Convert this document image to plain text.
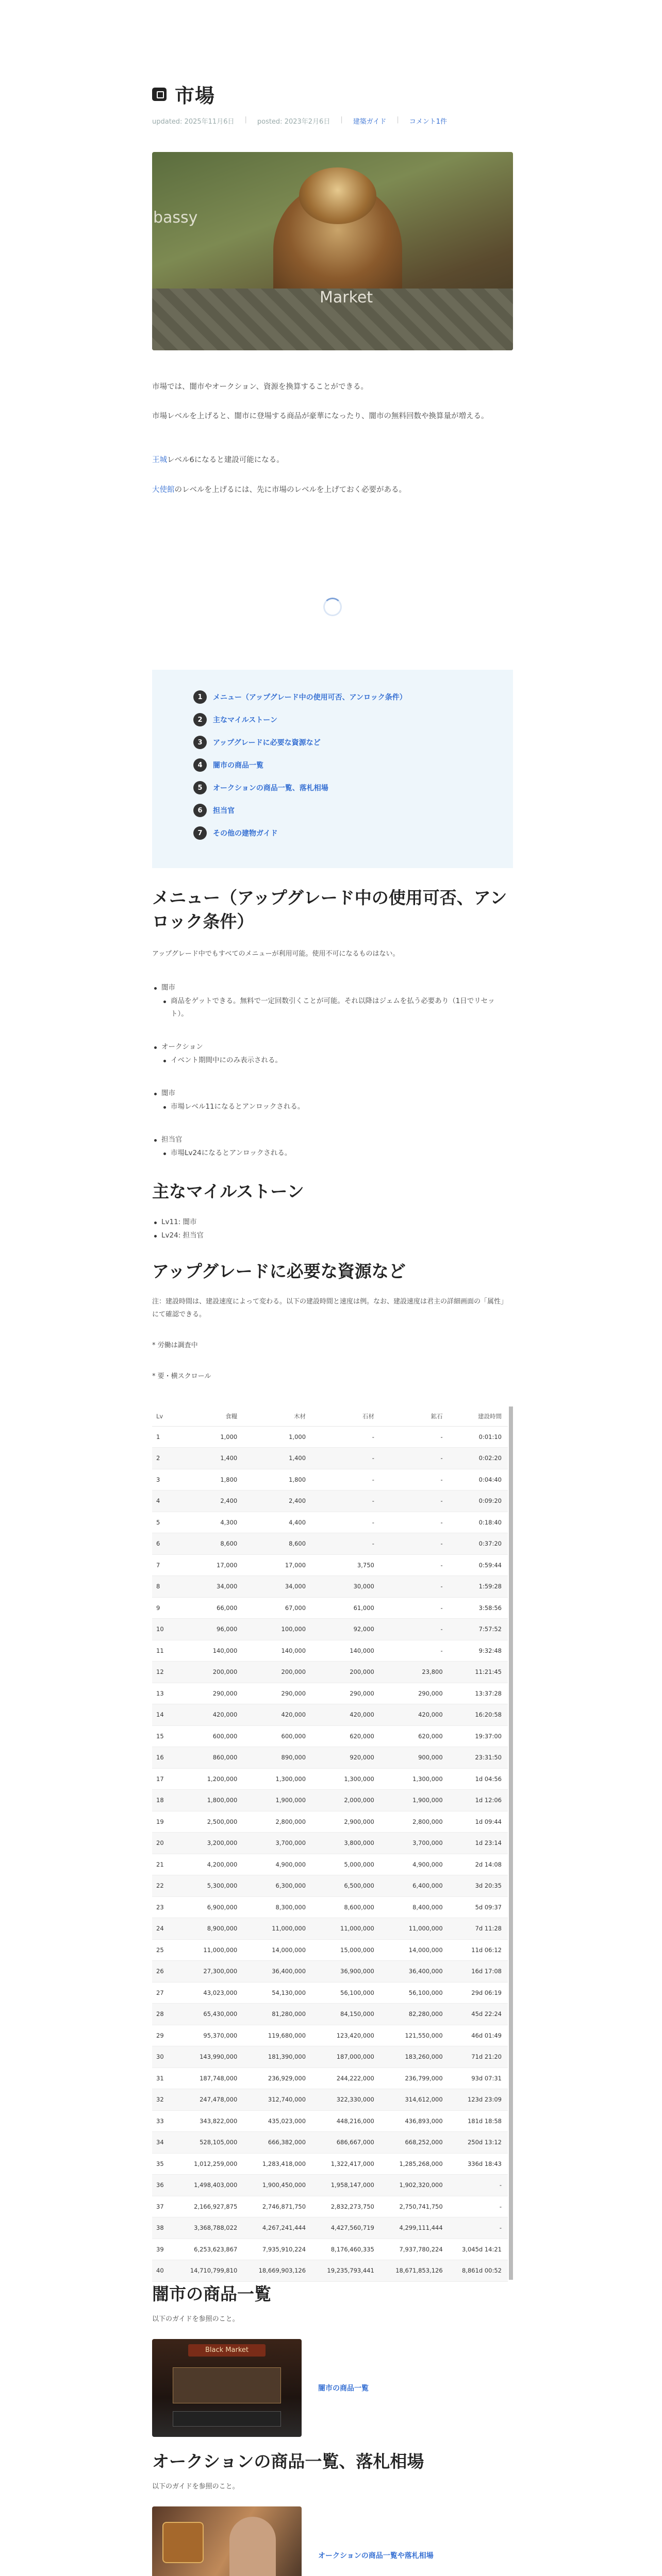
市場
updated: 2025年11月6日 | posted: 2023年2月6日 | 建築ガイド | コメント1件
bassy
Market

市場では、闇市やオークション、資源を換算することができる。

市場レベルを上げると、闇市に登場する商品が豪華になったり、闇市の無料回数や換算量が増える。

王城レベル6になると建設可能になる。

大使館のレベルを上げるには、先に市場のレベルを上げておく必要がある。

1	メニュー（アップグレード中の使用可否、アンロック条件）
2	主なマイルストーン
3	アップグレードに必要な資源など
4	闇市の商品一覧
5	オークションの商品一覧、落札相場
6	担当官
7	その他の建物ガイド
メニュー（アップグレード中の使用可否、アンロック条件）

アップグレード中でもすべてのメニューが利用可能。使用不可になるものはない。

闇市
商品をゲットできる。無料で一定回数引くことが可能。それ以降はジェムを払う必要あり（1日でリセット）。
オークション
イベント期間中にのみ表示される。
闇市
市場レベル11になるとアンロックされる。
担当官
市場Lv24になるとアンロックされる。
主なマイルストーン
Lv11: 闇市
Lv24: 担当官
アップグレードに必要な資源など

注：建設時間は、建設速度によって変わる。以下の建設時間と速度は例。なお、建設速度は君主の詳細画面の「属性」にて確認できる。

* 労働は調査中

* 要・横スクロール

Lv	食糧	木材	石材	鉱石	建設時間
1	1,000	1,000	-	-	0:01:10
2	1,400	1,400	-	-	0:02:20
3	1,800	1,800	-	-	0:04:40
4	2,400	2,400	-	-	0:09:20
5	4,300	4,400	-	-	0:18:40
6	8,600	8,600	-	-	0:37:20
7	17,000	17,000	3,750	-	0:59:44
8	34,000	34,000	30,000	-	1:59:28
9	66,000	67,000	61,000	-	3:58:56
10	96,000	100,000	92,000	-	7:57:52
11	140,000	140,000	140,000	-	9:32:48
12	200,000	200,000	200,000	23,800	11:21:45
13	290,000	290,000	290,000	290,000	13:37:28
14	420,000	420,000	420,000	420,000	16:20:58
15	600,000	600,000	620,000	620,000	19:37:00
16	860,000	890,000	920,000	900,000	23:31:50
17	1,200,000	1,300,000	1,300,000	1,300,000	1d 04:56
18	1,800,000	1,900,000	2,000,000	1,900,000	1d 12:06
19	2,500,000	2,800,000	2,900,000	2,800,000	1d 09:44
20	3,200,000	3,700,000	3,800,000	3,700,000	1d 23:14
21	4,200,000	4,900,000	5,000,000	4,900,000	2d 14:08
22	5,300,000	6,300,000	6,500,000	6,400,000	3d 20:35
23	6,900,000	8,300,000	8,600,000	8,400,000	5d 09:37
24	8,900,000	11,000,000	11,000,000	11,000,000	7d 11:28
25	11,000,000	14,000,000	15,000,000	14,000,000	11d 06:12
26	27,300,000	36,400,000	36,900,000	36,400,000	16d 17:08
27	43,023,000	54,130,000	56,100,000	56,100,000	29d 06:19
28	65,430,000	81,280,000	84,150,000	82,280,000	45d 22:24
29	95,370,000	119,680,000	123,420,000	121,550,000	46d 01:49
30	143,990,000	181,390,000	187,000,000	183,260,000	71d 21:20
31	187,748,000	236,929,000	244,222,000	236,799,000	93d 07:31
32	247,478,000	312,740,000	322,330,000	314,612,000	123d 23:09
33	343,822,000	435,023,000	448,216,000	436,893,000	181d 18:58
34	528,105,000	666,382,000	686,667,000	668,252,000	250d 13:12
35	1,012,259,000	1,283,418,000	1,322,417,000	1,285,268,000	336d 18:43
36	1,498,403,000	1,900,450,000	1,958,147,000	1,902,320,000	-
37	2,166,927,875	2,746,871,750	2,832,273,750	2,750,741,750	-
38	3,368,788,022	4,267,241,444	4,427,560,719	4,299,111,444	-
39	6,253,623,867	7,935,910,224	8,176,460,335	7,937,780,224	3,045d 14:21
40	14,710,799,810	18,669,903,126	19,235,793,441	18,671,853,126	8,861d 00:52
闇市の商品一覧

以下のガイドを参照のこと。

Black Market
闇市の商品一覧
オークションの商品一覧、落札相場

以下のガイドを参照のこと。

オークションの商品一覧や落札相場
